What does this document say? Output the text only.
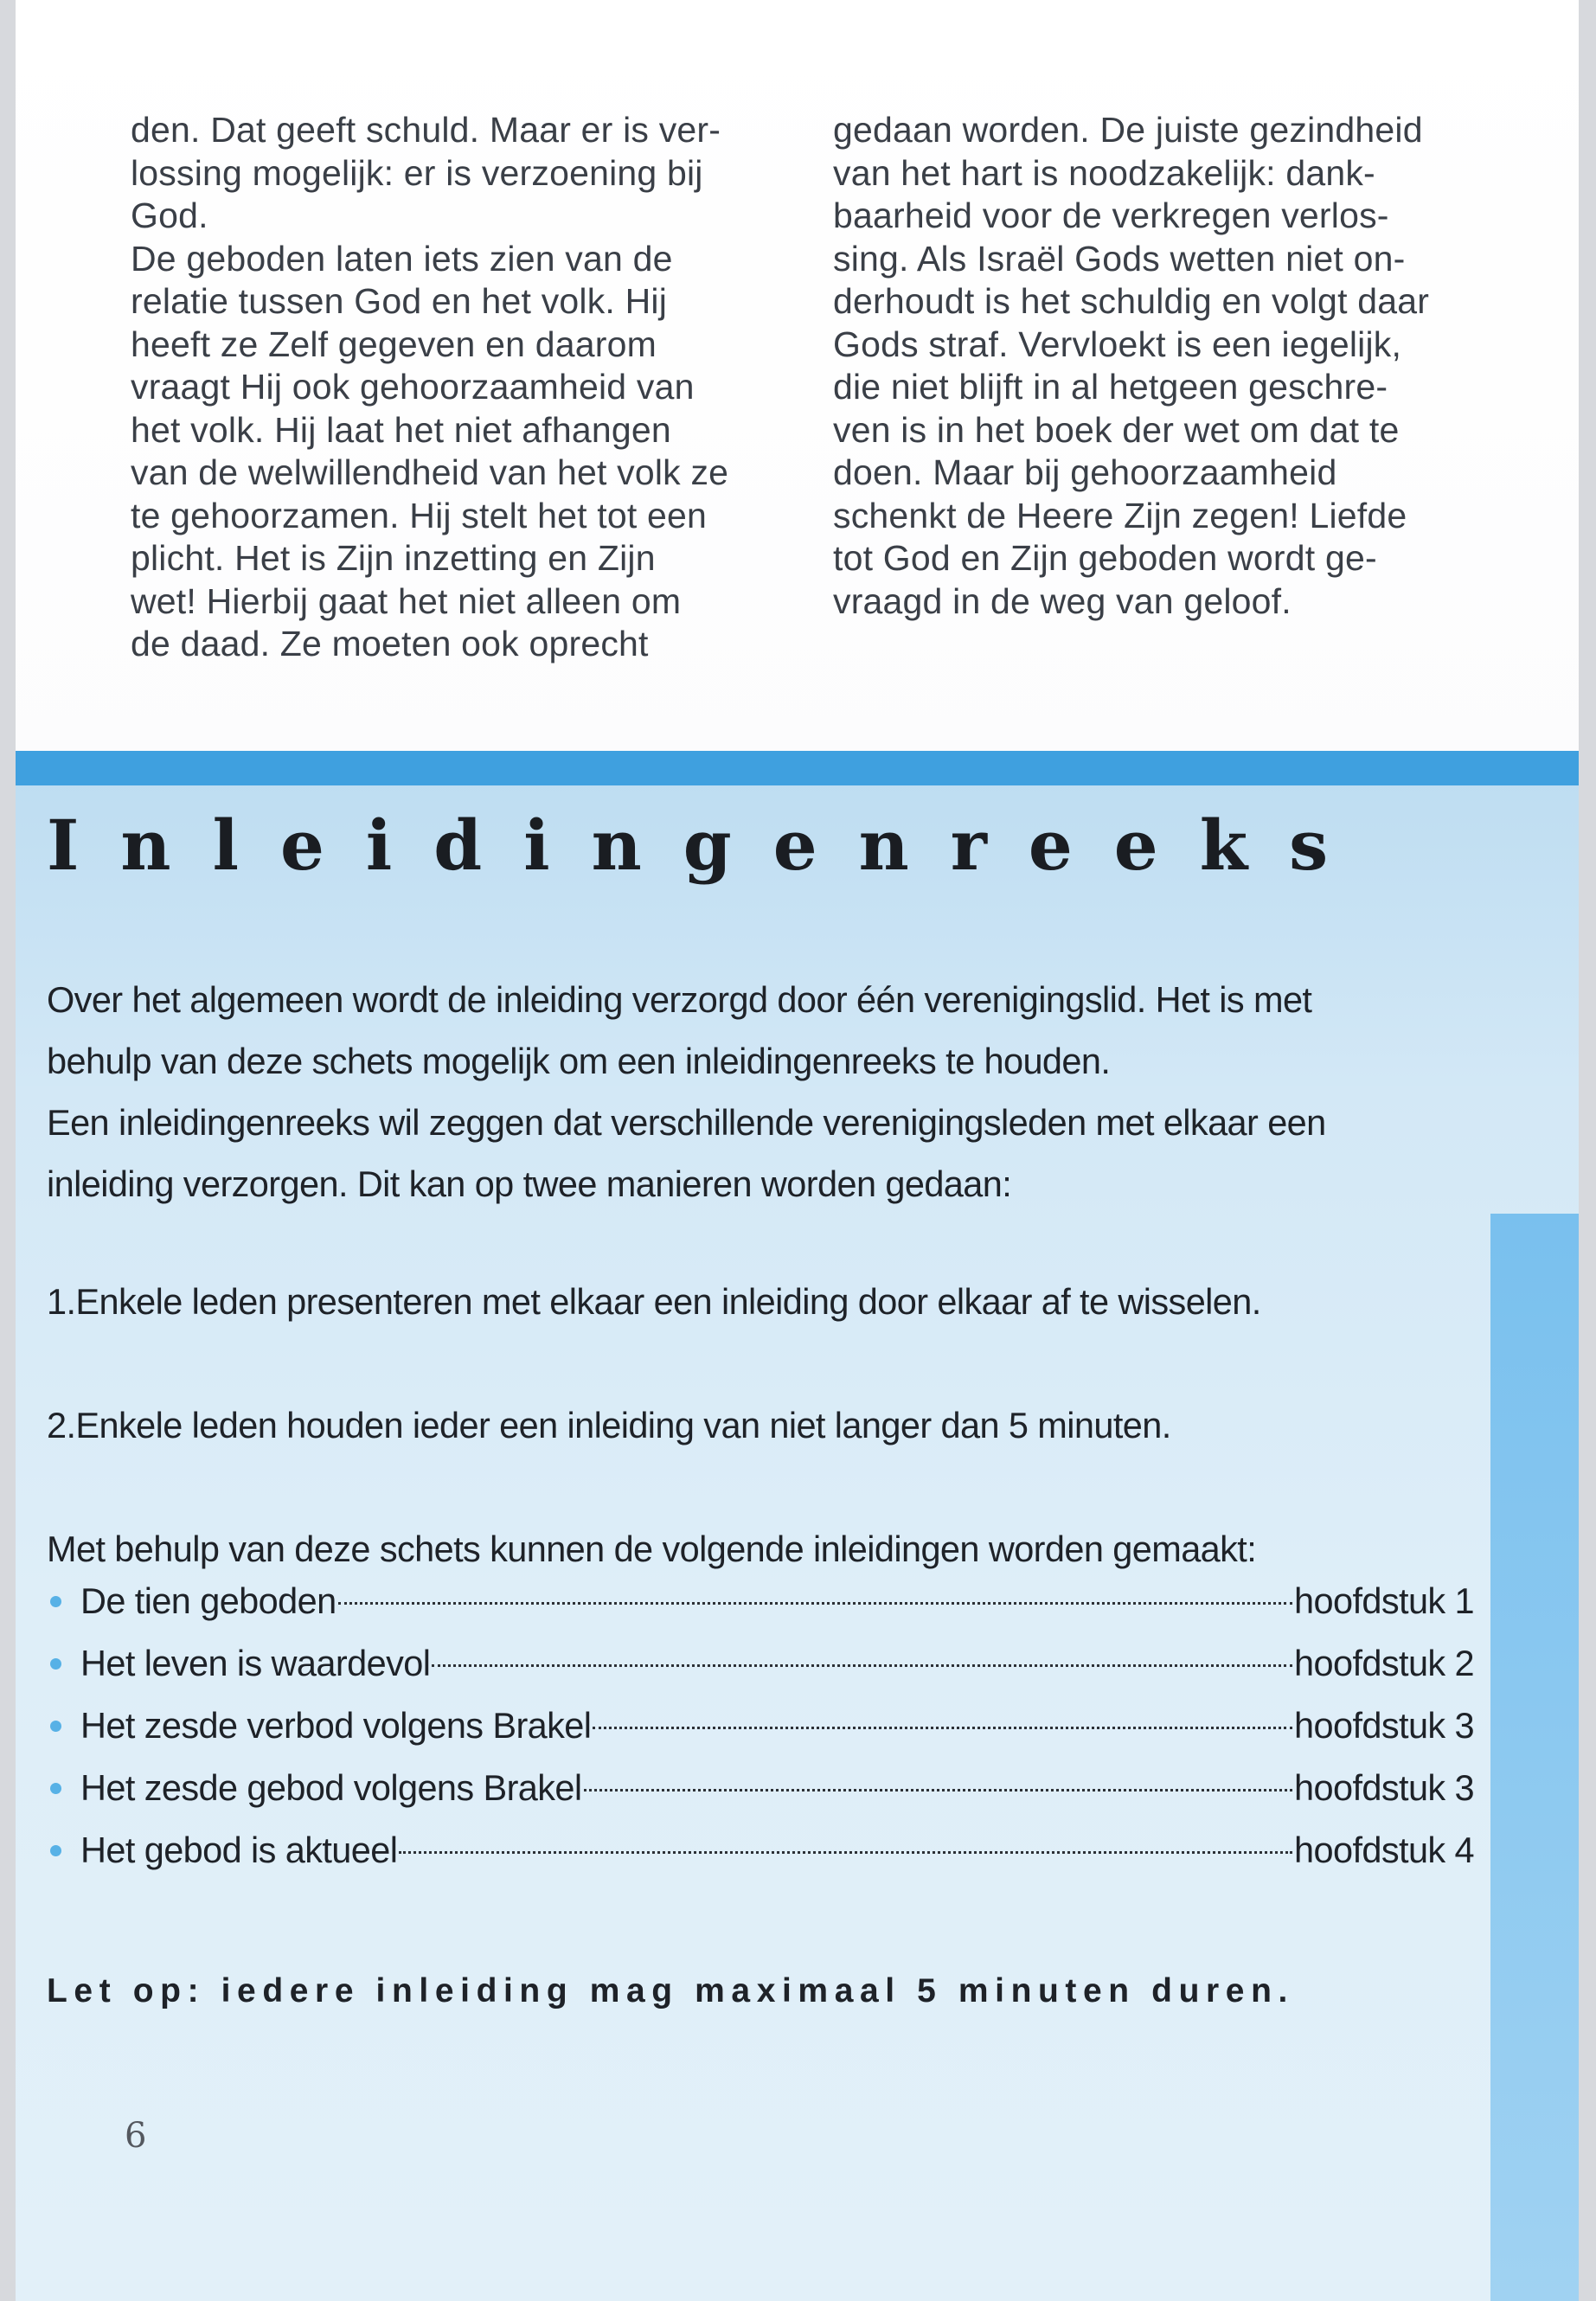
den. Dat geeft schuld. Maar er is ver-

lossing mogelijk: er is verzoening bij

God.

De geboden laten iets zien van de

relatie tussen God en het volk. Hij

heeft ze Zelf gegeven en daarom

vraagt Hij ook gehoorzaamheid van

het volk. Hij laat het niet afhangen

van de welwillendheid van het volk ze

te gehoorzamen. Hij stelt het tot een

plicht. Het is Zijn inzetting en Zijn

wet! Hierbij gaat het niet alleen om

de daad. Ze moeten ook oprecht

gedaan worden. De juiste gezindheid

van het hart is noodzakelijk: dank-

baarheid voor de verkregen verlos-

sing. Als Israël Gods wetten niet on-

derhoudt is het schuldig en volgt daar

Gods straf. Vervloekt is een iegelijk,

die niet blijft in al hetgeen geschre-

ven is in het boek der wet om dat te

doen. Maar bij gehoorzaamheid

schenkt de Heere Zijn zegen! Liefde

tot God en Zijn geboden wordt ge-

vraagd in de weg van geloof.

Inleidingenreeks

Over het algemeen wordt de inleiding verzorgd door één verenigingslid. Het is met

behulp van deze schets mogelijk om een inleidingenreeks te houden.

Een inleidingenreeks wil zeggen dat verschillende verenigingsleden met elkaar een

inleiding verzorgen. Dit kan op twee manieren worden gedaan:

1.Enkele leden presenteren met elkaar een inleiding door elkaar af te wisselen.
2.Enkele leden houden ieder een inleiding van niet langer dan 5 minuten.
Met behulp van deze schets kunnen de volgende inleidingen worden gemaakt:
De tien geboden	hoofdstuk 1
Het leven is waardevol	hoofdstuk 2
Het zesde verbod volgens Brakel	hoofdstuk 3
Het zesde gebod volgens Brakel	hoofdstuk 3
Het gebod is aktueel	hoofdstuk 4
Let op: iedere inleiding mag maximaal 5 minuten duren.
6
